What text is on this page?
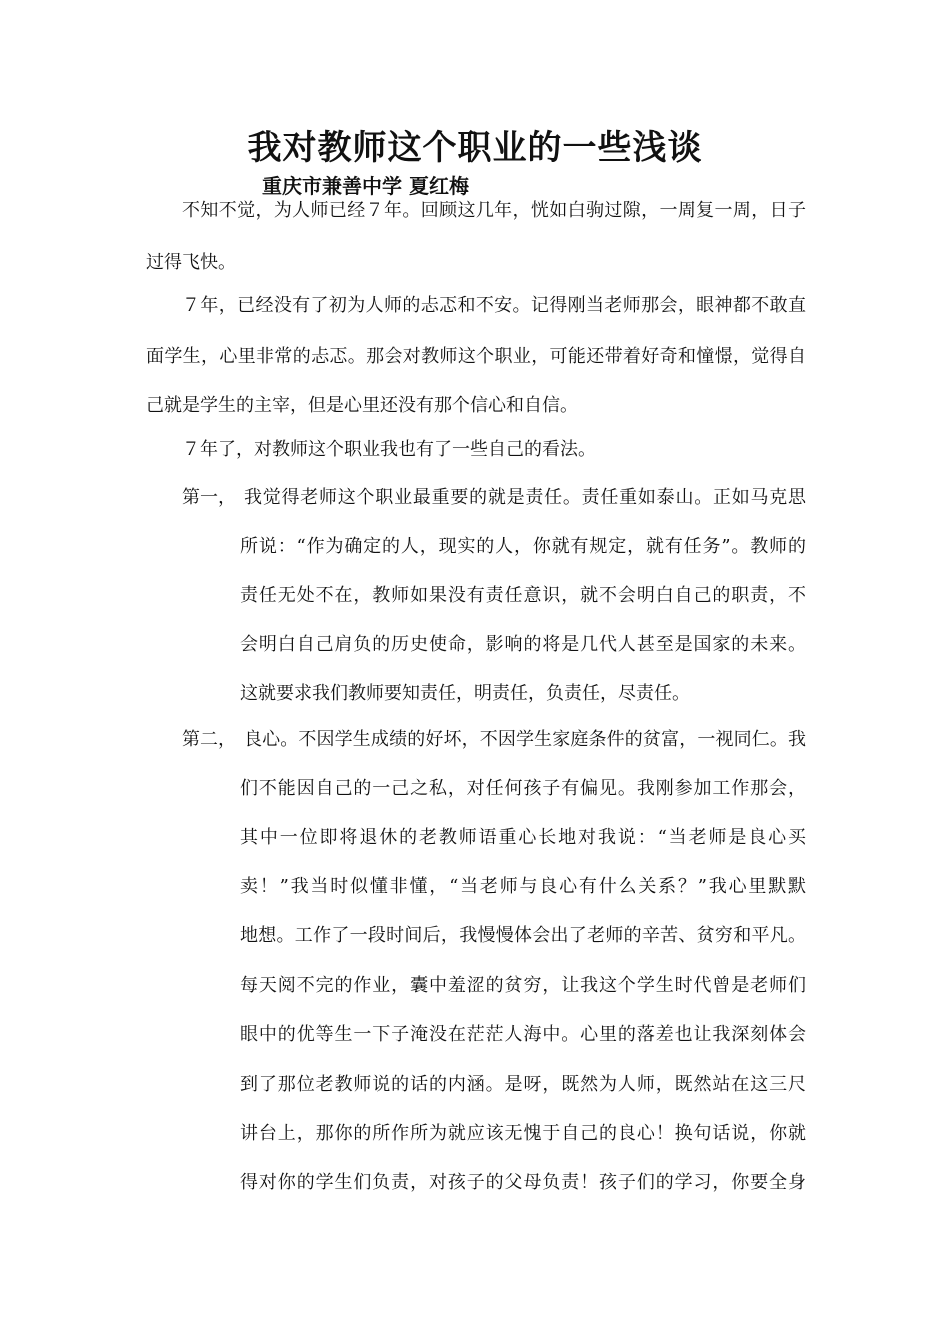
我对教师这个职业的一些浅谈
重庆市兼善中学 夏红梅
不知不觉，为人师已经７年。回顾这几年，恍如白驹过隙，一周复一周，日子
过得飞快。
７年，已经没有了初为人师的忐忑和不安。记得刚当老师那会，眼神都不敢直
面学生，心里非常的忐忑。那会对教师这个职业，可能还带着好奇和憧憬，觉得自
己就是学生的主宰，但是心里还没有那个信心和自信。
７年了，对教师这个职业我也有了一些自己的看法。
第一， 我觉得老师这个职业最重要的就是责任。责任重如泰山。正如马克思
所说：“作为确定的人，现实的人，你就有规定，就有任务”。教师的
责任无处不在，教师如果没有责任意识，就不会明白自己的职责，不
会明白自己肩负的历史使命，影响的将是几代人甚至是国家的未来。
这就要求我们教师要知责任，明责任，负责任，尽责任。
第二， 良心。不因学生成绩的好坏，不因学生家庭条件的贫富，一视同仁。我
们不能因自己的一己之私，对任何孩子有偏见。我刚参加工作那会，
其中一位即将退休的老教师语重心长地对我说：“当老师是良心买
卖！”我当时似懂非懂，“当老师与良心有什么关系？”我心里默默
地想。工作了一段时间后，我慢慢体会出了老师的辛苦、贫穷和平凡。
每天阅不完的作业，囊中羞涩的贫穷，让我这个学生时代曾是老师们
眼中的优等生一下子淹没在茫茫人海中。心里的落差也让我深刻体会
到了那位老教师说的话的内涵。是呀，既然为人师，既然站在这三尺
讲台上，那你的所作所为就应该无愧于自己的良心！换句话说，你就
得对你的学生们负责，对孩子的父母负责！孩子们的学习，你要全身
